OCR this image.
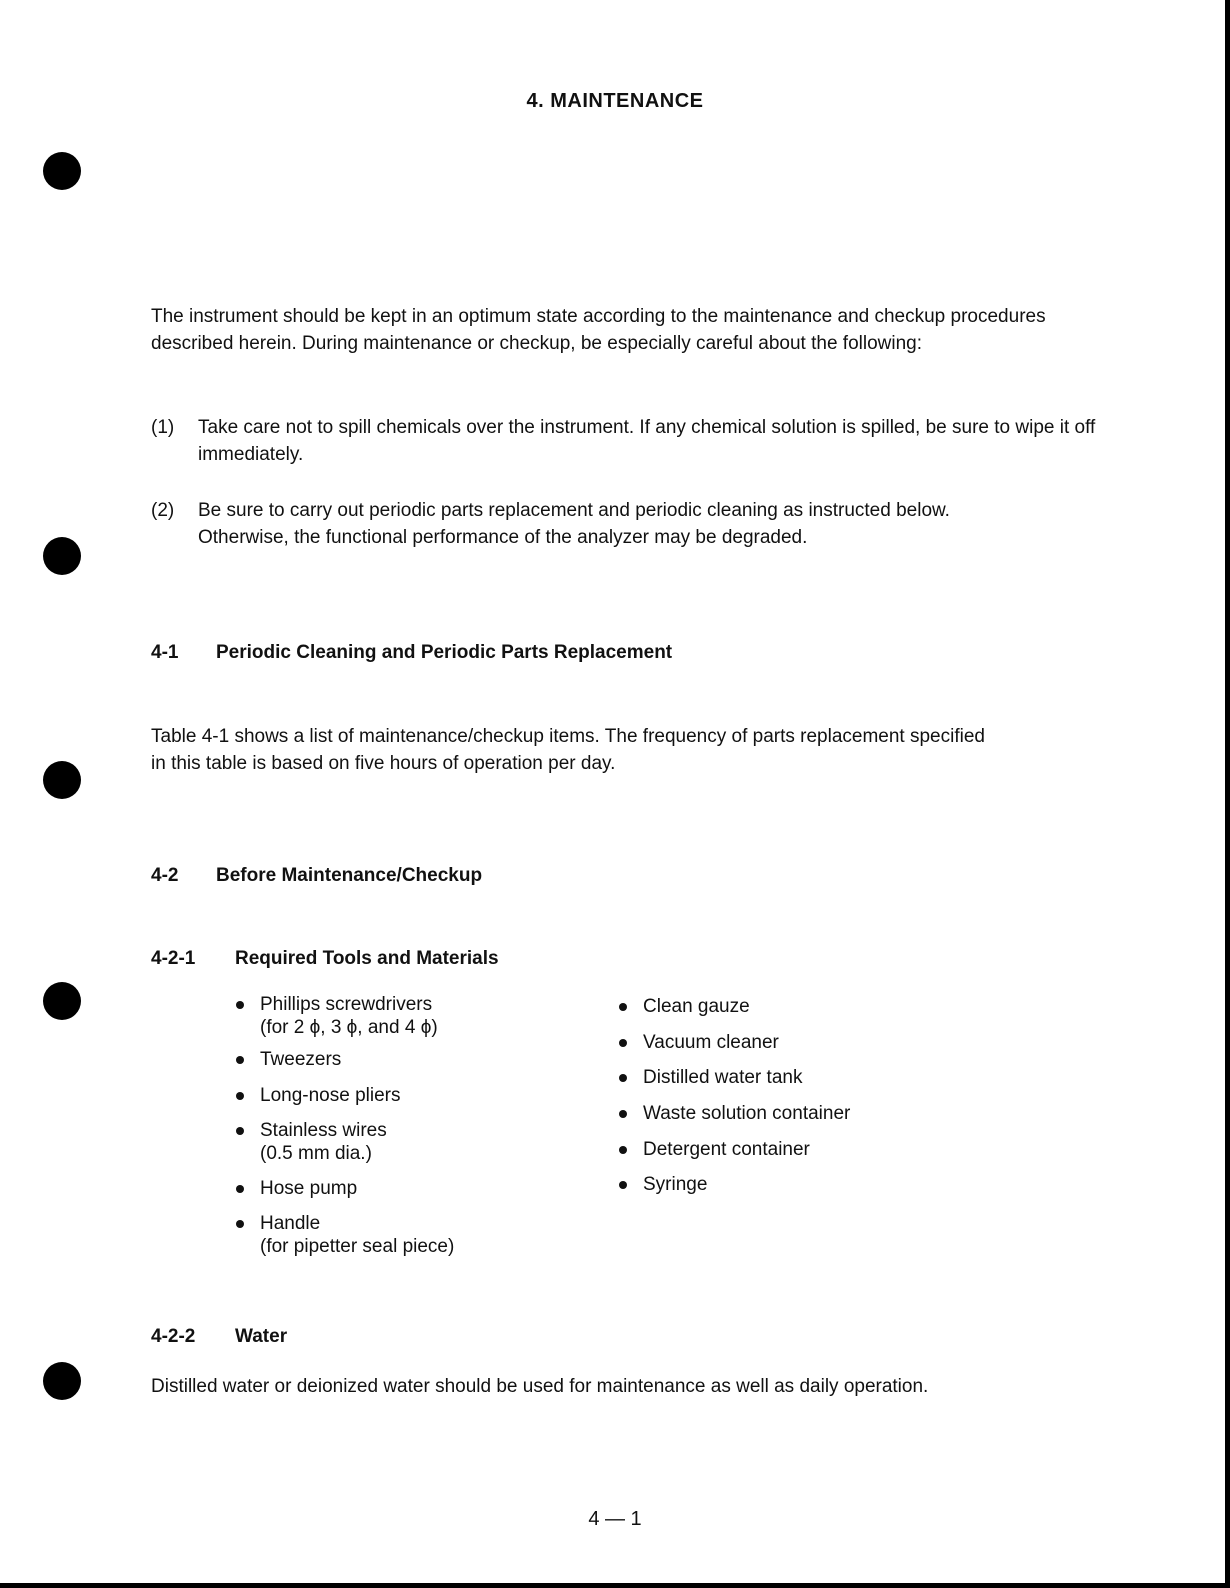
4. MAINTENANCE
The instrument should be kept in an optimum state according to the maintenance and checkup procedures described herein. During maintenance or checkup, be especially careful about the following:
(1) Take care not to spill chemicals over the instrument. If any chemical solution is spilled, be sure to wipe it off immediately.
(2) Be sure to carry out periodic parts replacement and periodic cleaning as instructed below. Otherwise, the functional performance of the analyzer may be degraded.
4-1 Periodic Cleaning and Periodic Parts Replacement
Table 4-1 shows a list of maintenance/checkup items. The frequency of parts replacement specified in this table is based on five hours of operation per day.
4-2 Before Maintenance/Checkup
4-2-1 Required Tools and Materials
Phillips screwdrivers
(for 2 ϕ, 3 ϕ, and 4 ϕ)
Tweezers
Long-nose pliers
Stainless wires
(0.5 mm dia.)
Hose pump
Handle
(for pipetter seal piece)
Clean gauze
Vacuum cleaner
Distilled water tank
Waste solution container
Detergent container
Syringe
4-2-2 Water
Distilled water or deionized water should be used for maintenance as well as daily operation.
4 — 1
